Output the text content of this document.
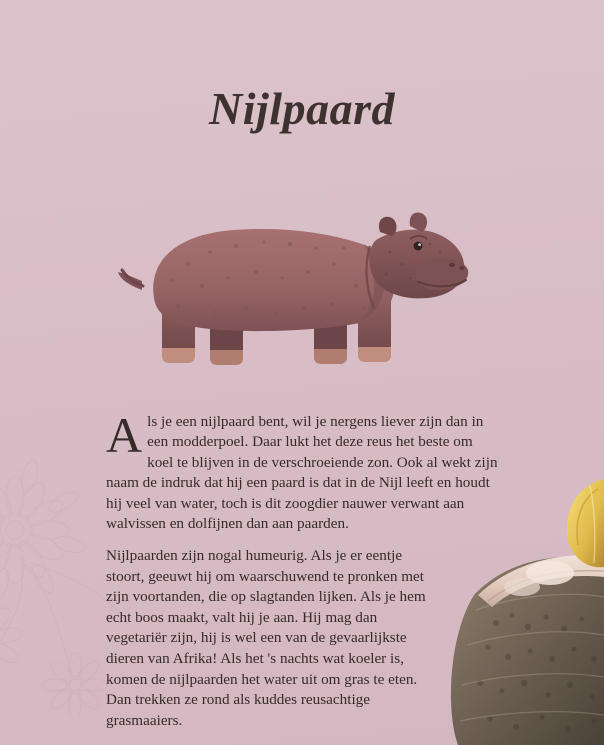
Nijlpaard

Als je een nijlpaard bent, wil je nergens liever zijn dan in een modderpoel. Daar lukt het deze reus het beste om koel te blijven in de verschroeiende zon. Ook al wekt zijn naam de indruk dat hij een paard is dat in de Nijl leeft en houdt hij veel van water, toch is dit zoogdier nauwer verwant aan walvissen en dolfijnen dan aan paarden.

Nijlpaarden zijn nogal humeurig. Als je er eentje stoort, geeuwt hij om waarschuwend te pronken met zijn voortanden, die op slagtanden lijken. Als je hem echt boos maakt, valt hij je aan. Hij mag dan vegetariër zijn, hij is wel een van de gevaarlijkste dieren van Afrika! Als het 's nachts wat koeler is, komen de nijlpaarden het water uit om gras te eten. Dan trekken ze rond als kuddes reusachtige grasmaaiers.
